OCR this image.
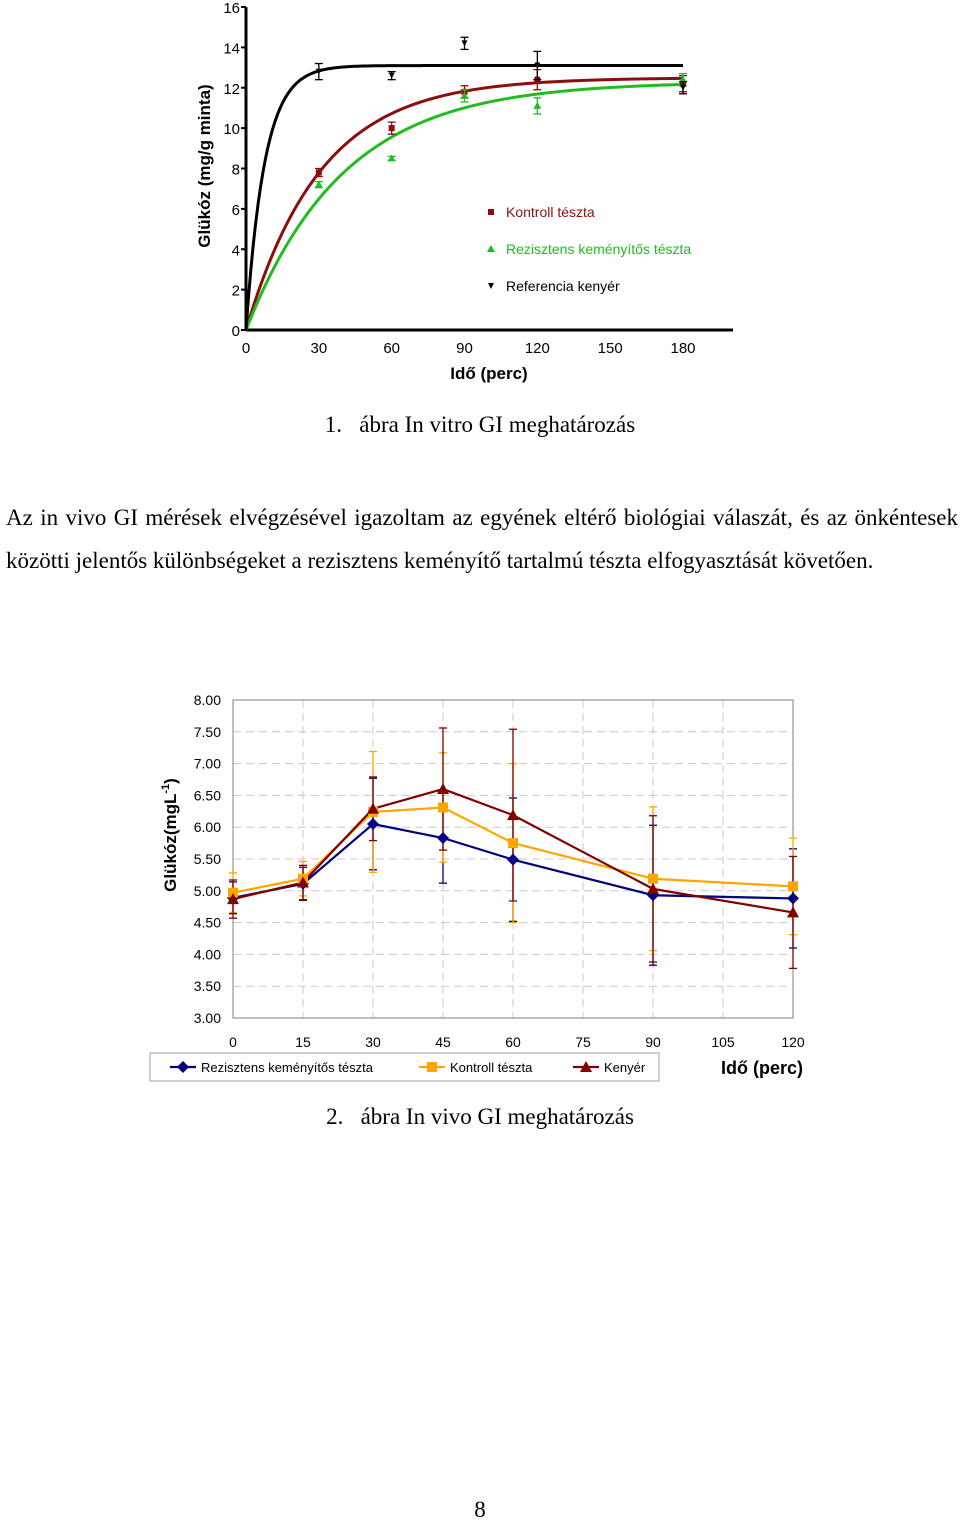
Glükóz (mg/g minta)
0
2
4
6
8
10
12
14
16
0	30	60	90	120	150	180
Kontroll tészta
Rezisztens keményítős tészta
Referencia kenyér
Idő (perc)
1. ábra In vitro GI meghatározás
Az in vivo GI mérések elvégzésével igazoltam az egyének eltérő biológiai válaszát, és az önkéntesek közötti jelentős különbségeket a rezisztens keményítő tartalmú tészta elfogyasztását követően.
Glükóz(mgL$^{-1}$)
3.00
3.50
4.00
4.50
5.00
5.50
6.00
6.50
7.00
7.50
8.00
0	15	30	45	60	75	90	105	120
Rezisztens keményítős tészta	Kontroll tészta	Kenyér	Idő (perc)
2. ábra In vivo GI meghatározás
8
